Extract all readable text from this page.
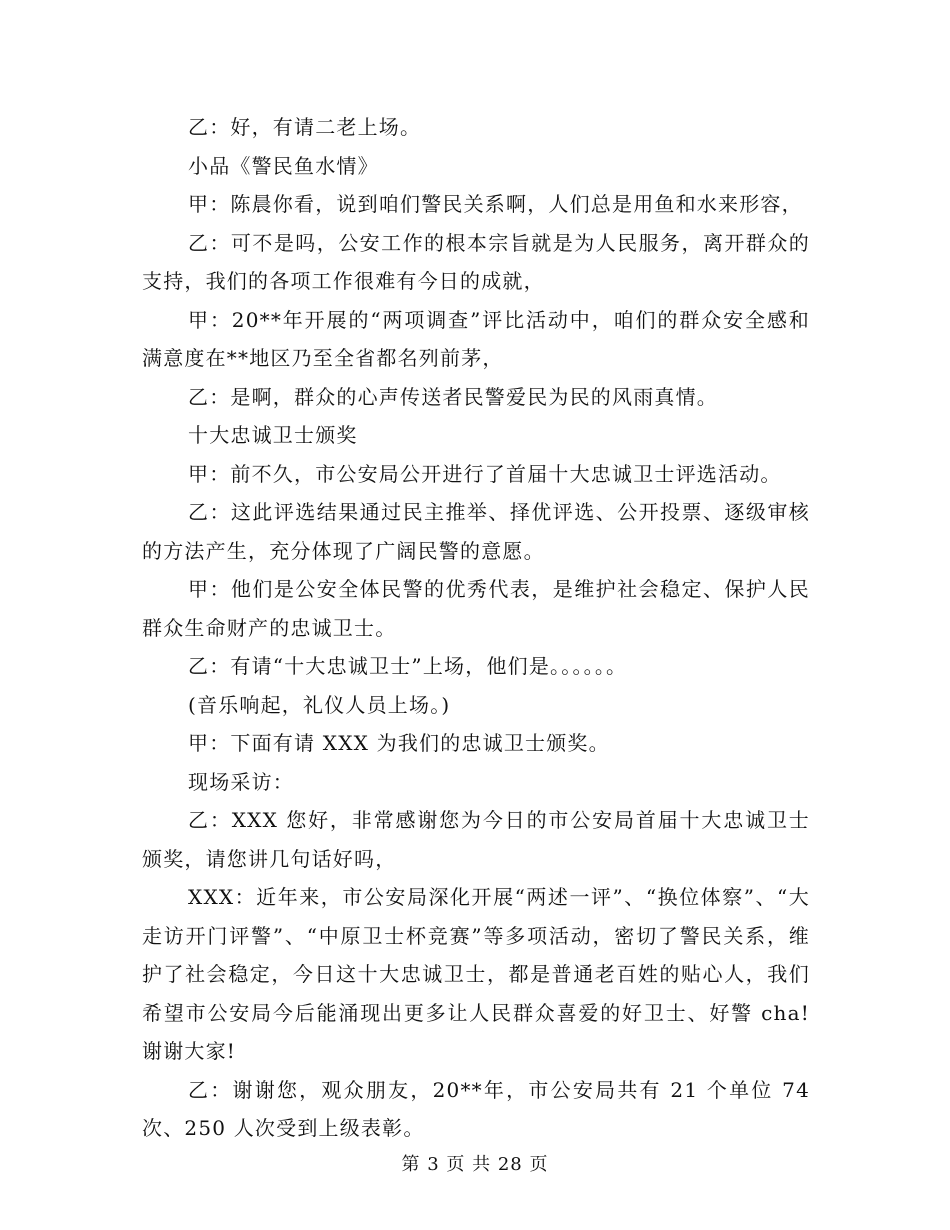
乙：好，有请二老上场。

小品《警民鱼水情》

甲：陈晨你看，说到咱们警民关系啊，人们总是用鱼和水来形容，

乙：可不是吗，公安工作的根本宗旨就是为人民服务，离开群众的支持，我们的各项工作很难有今日的成就，

甲：20**年开展的“两项调查”评比活动中，咱们的群众安全感和满意度在**地区乃至全省都名列前茅，

乙：是啊，群众的心声传送者民警爱民为民的风雨真情。

十大忠诚卫士颁奖

甲：前不久，市公安局公开进行了首届十大忠诚卫士评选活动。

乙：这此评选结果通过民主推举、择优评选、公开投票、逐级审核的方法产生，充分体现了广阔民警的意愿。

甲：他们是公安全体民警的优秀代表，是维护社会稳定、保护人民群众生命财产的忠诚卫士。

乙：有请“十大忠诚卫士”上场，他们是。。。。。。

(音乐响起，礼仪人员上场。)

甲：下面有请 XXX 为我们的忠诚卫士颁奖。

现场采访：

乙：XXX 您好，非常感谢您为今日的市公安局首届十大忠诚卫士颁奖，请您讲几句话好吗，

XXX：近年来，市公安局深化开展“两述一评”、“换位体察”、“大走访开门评警”、“中原卫士杯竞赛”等多项活动，密切了警民关系，维护了社会稳定，今日这十大忠诚卫士，都是普通老百姓的贴心人，我们希望市公安局今后能涌现出更多让人民群众喜爱的好卫士、好警 cha!谢谢大家!

乙：谢谢您，观众朋友，20**年，市公安局共有 21 个单位 74 次、250 人次受到上级表彰。

第 3 页 共 28 页
